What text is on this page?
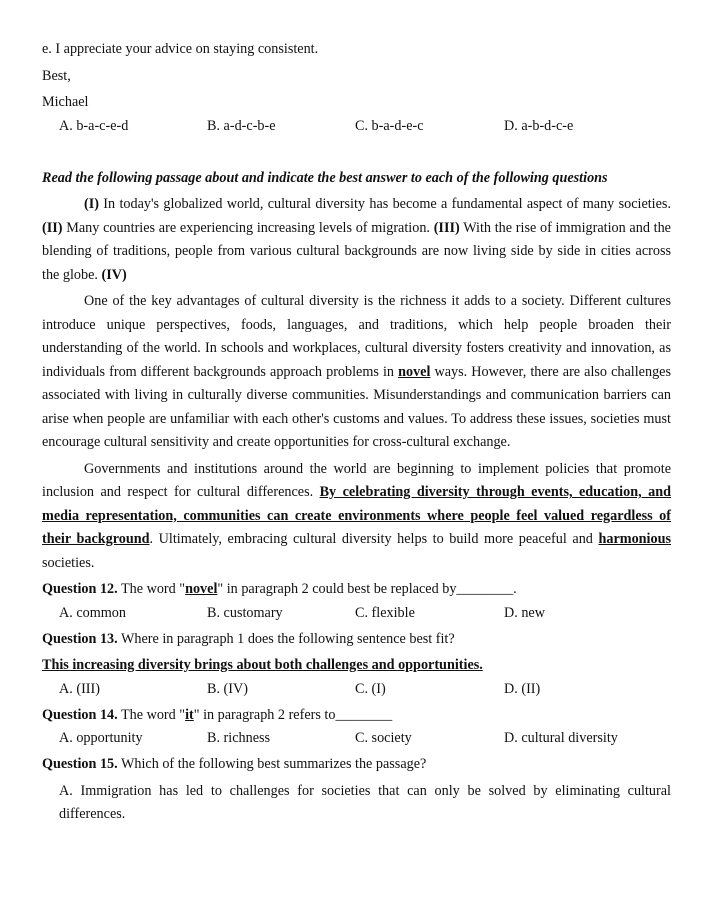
e. I appreciate your advice on staying consistent.
Best,
Michael
A. b-a-c-e-d	B. a-d-c-b-e	C. b-a-d-e-c	D. a-b-d-c-e
Read the following passage about and indicate the best answer to each of the following questions

(I) In today's globalized world, cultural diversity has become a fundamental aspect of many societies. (II) Many countries are experiencing increasing levels of migration. (III) With the rise of immigration and the blending of traditions, people from various cultural backgrounds are now living side by side in cities across the globe. (IV)

One of the key advantages of cultural diversity is the richness it adds to a society. Different cultures introduce unique perspectives, foods, languages, and traditions, which help people broaden their understanding of the world. In schools and workplaces, cultural diversity fosters creativity and innovation, as individuals from different backgrounds approach problems in novel ways. However, there are also challenges associated with living in culturally diverse communities. Misunderstandings and communication barriers can arise when people are unfamiliar with each other's customs and values. To address these issues, societies must encourage cultural sensitivity and create opportunities for cross-cultural exchange.

Governments and institutions around the world are beginning to implement policies that promote inclusion and respect for cultural differences. By celebrating diversity through events, education, and media representation, communities can create environments where people feel valued regardless of their background. Ultimately, embracing cultural diversity helps to build more peaceful and harmonious societies.

Question 12. The word "novel" in paragraph 2 could best be replaced by________.
A. common	B. customary	C. flexible	D. new
Question 13. Where in paragraph 1 does the following sentence best fit?
This increasing diversity brings about both challenges and opportunities.
A. (III)	B. (IV)	C. (I)	D. (II)
Question 14. The word "it" in paragraph 2 refers to________
A. opportunity	B. richness	C. society	D. cultural diversity
Question 15. Which of the following best summarizes the passage?

A. Immigration has led to challenges for societies that can only be solved by eliminating cultural differences.
